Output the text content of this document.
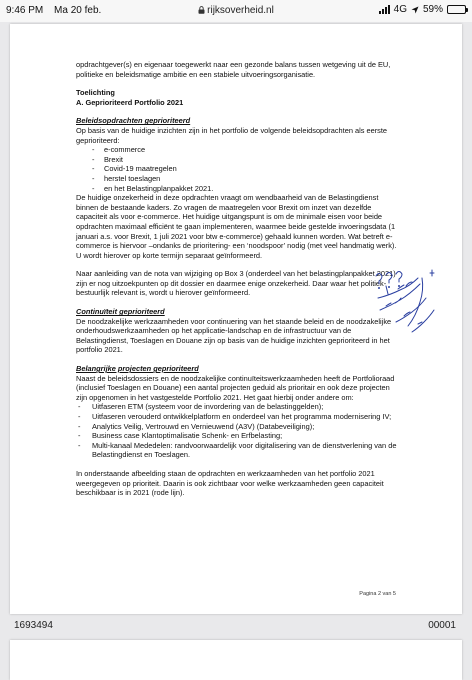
9:46 PM Ma 20 feb.	rijksoverheid.nl	4G 59%

opdrachtgever(s) en eigenaar toegewerkt naar een gezonde balans tussen wetgeving uit de EU, politieke en beleidsmatige ambitie en een stabiele uitvoeringsorganisatie.

Toelichting

A. Geprioriteerd Portfolio 2021

Beleidsopdrachten geprioriteerd

Op basis van de huidige inzichten zijn in het portfolio de volgende beleidsopdrachten als eerste geprioriteerd:

- e-commerce
- Brexit
- Covid-19 maatregelen
- herstel toeslagen
- en het Belastingplanpakket 2021.

De huidige onzekerheid in deze opdrachten vraagt om wendbaarheid van de Belastingdienst binnen de bestaande kaders. Zo vragen de maatregelen voor Brexit om inzet van dezelfde capaciteit als voor e-commerce. Het huidige uitgangspunt is om de minimale eisen voor beide opdrachten maximaal efficiënt te gaan implementeren, waarmee beide gestelde invoeringsdata (1 januari a.s. voor Brexit, 1 juli 2021 voor btw e-commerce) gehaald kunnen worden. Wat betreft e-commerce is hiervoor –ondanks de prioritering- een ‘noodspoor’ nodig (met veel handmatig werk). U wordt hierover op korte termijn separaat geïnformeerd.

Naar aanleiding van de nota van wijziging op Box 3 (onderdeel van het belastingplanpakket 2021) zijn er nog uitzoekpunten op dit dossier en daarmee enige onzekerheid. Daar waar het politiek-bestuurlijk relevant is, wordt u hierover geïnformeerd.

Continuïteit geprioriteerd

De noodzakelijke werkzaamheden voor continuering van het staande beleid en de noodzakelijke onderhoudswerkzaamheden op het applicatie-landschap en de infrastructuur van de Belastingdienst, Toeslagen en Douane zijn op basis van de huidige inzichten geprioriteerd in het portfolio 2021.

Belangrijke projecten geprioriteerd

Naast de beleidsdossiers en de noodzakelijke continuïteitswerkzaamheden heeft de Portfolioraad (inclusief Toeslagen en Douane) een aantal projecten geduid als prioritair en ook deze projecten zijn opgenomen in het vastgestelde Portfolio 2021. Het gaat hierbij onder andere om:

- Uitfaseren ETM (systeem voor de invordering van de belastinggelden);
- Uitfaseren verouderd ontwikkelplatform en onderdeel van het programma modernisering IV;
- Analytics Veilig, Vertrouwd en Vernieuwend (A3V) (Databeveiliging);
- Business case Klantoptimalisatie Schenk- en Erfbelasting;
- Multi-kanaal Mededelen: randvoorwaardelijk voor digitalisering van de dienstverlening van de Belastingdienst en Toeslagen.

In onderstaande afbeelding staan de opdrachten en werkzaamheden van het portfolio 2021 weergegeven op prioriteit. Daarin is ook zichtbaar voor welke werkzaamheden geen capaciteit beschikbaar is in 2021 (rode lijn).

Pagina 2 van 5
1693494	00001
